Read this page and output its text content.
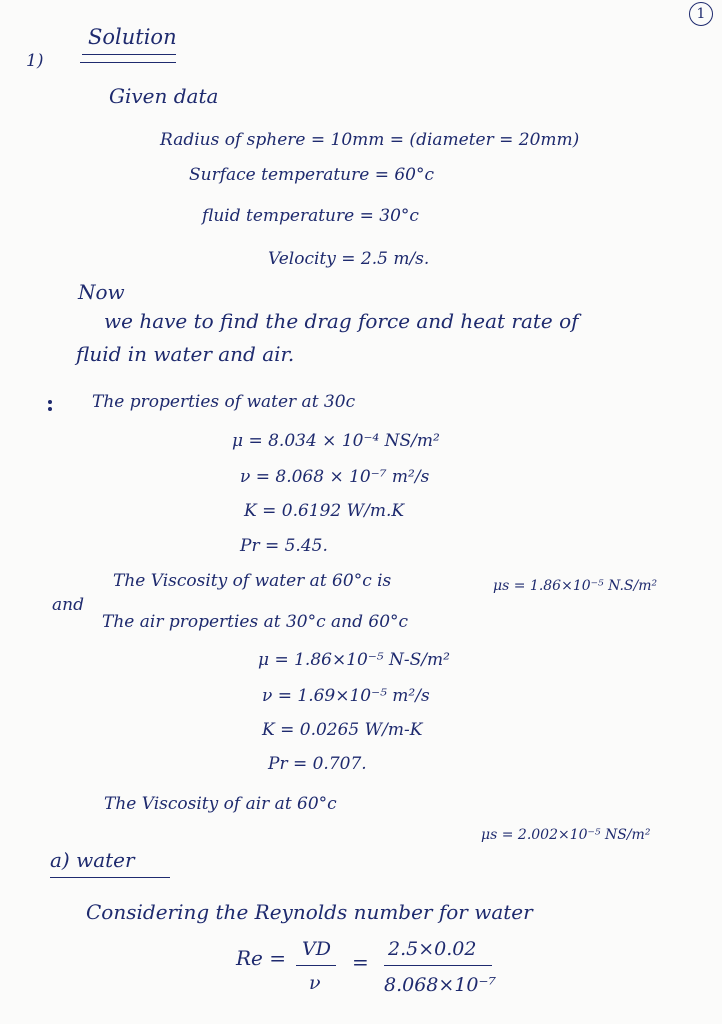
1
1)
Solution
Given data
Radius of sphere = 10mm = (diameter = 20mm)
Surface temperature = 60°c
fluid temperature = 30°c
Velocity = 2.5 m/s.
Now
we have to find the drag force and heat rate of
fluid in water and air.
The properties of water at 30c
μ = 8.034 × 10⁻⁴ NS/m²
ν = 8.068 × 10⁻⁷ m²/s
K = 0.6192 W/m.K
Pr = 5.45.
The Viscosity of water at 60°c is	μs = 1.86×10⁻⁵ N.S/m²
and
The air properties at 30°c and 60°c
μ = 1.86×10⁻⁵ N-S/m²
ν = 1.69×10⁻⁵ m²/s
K = 0.0265 W/m-K
Pr = 0.707.
The Viscosity of air at 60°c
μs = 2.002×10⁻⁵ NS/m²
a) water
Considering the Reynolds number for water
Re = VD
ν
=
2.5×0.02
8.068×10⁻⁷
